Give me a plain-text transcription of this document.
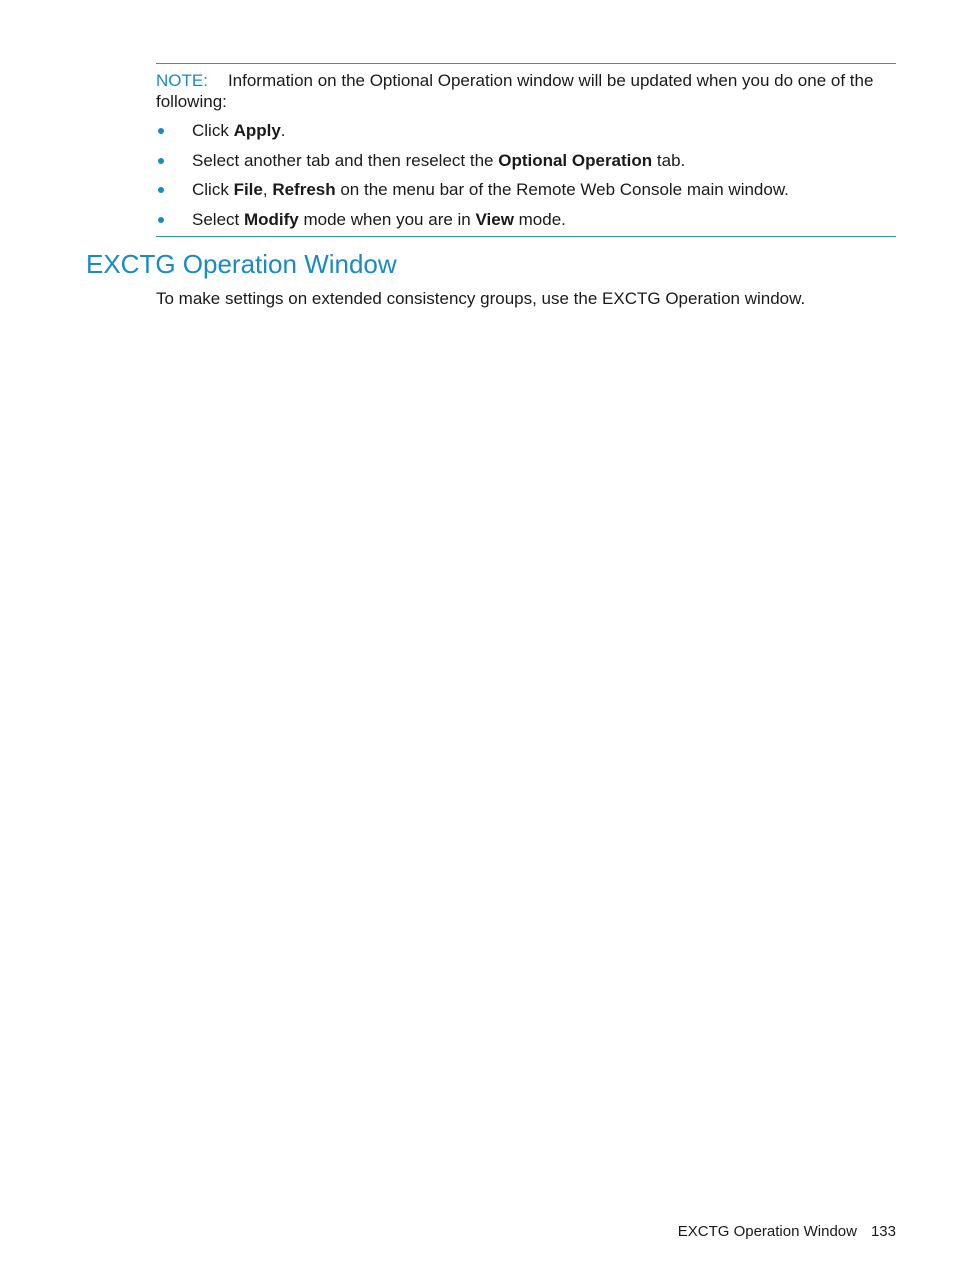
NOTE: Information on the Optional Operation window will be updated when you do one of the following:

Click Apply.
Select another tab and then reselect the Optional Operation tab.
Click File, Refresh on the menu bar of the Remote Web Console main window.
Select Modify mode when you are in View mode.
EXCTG Operation Window

To make settings on extended consistency groups, use the EXCTG Operation window.

EXCTG Operation Window 133
